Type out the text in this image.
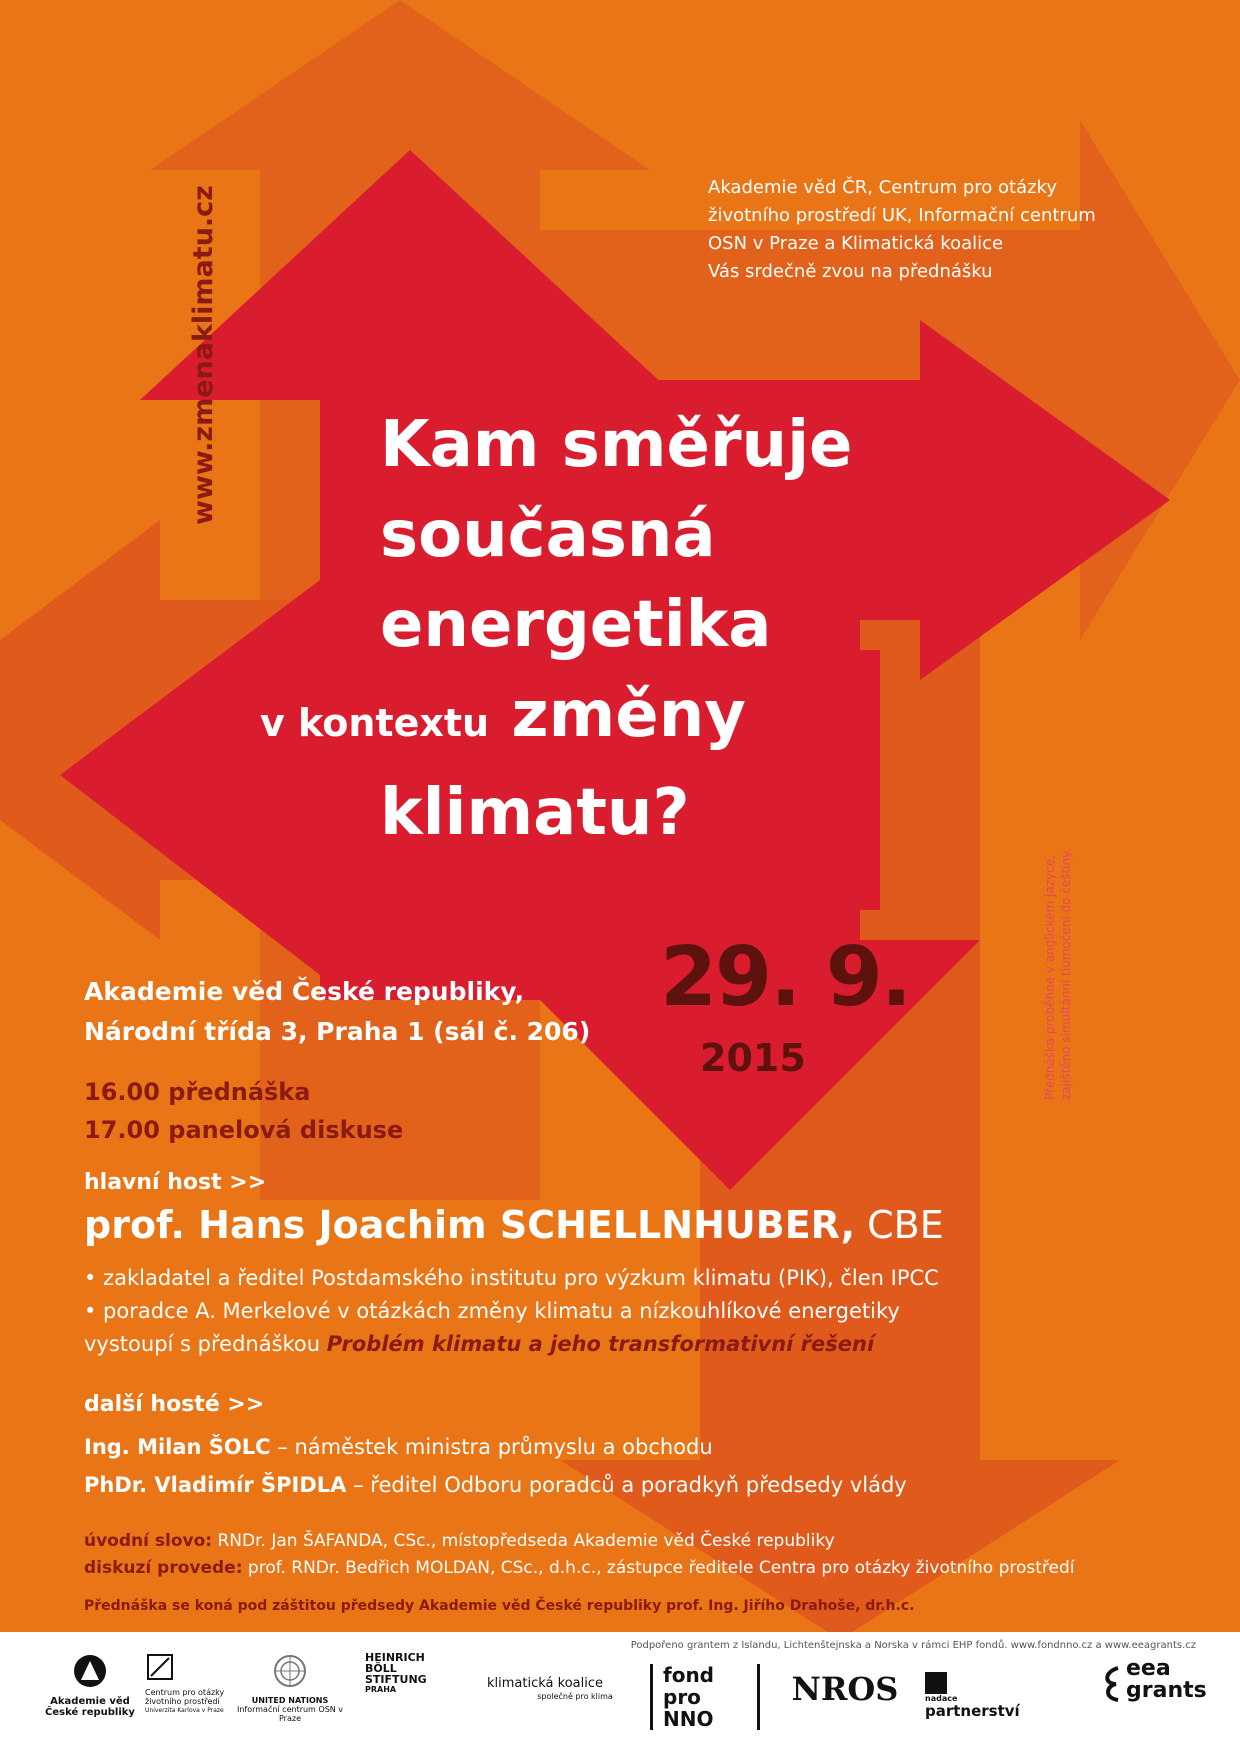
www.zmenaklimatu.cz	Akademie věd ČR, Centrum pro otázky
životního prostředí UK, Informační centrum
OSN v Praze a Klimatická koalice
Vás srdečně zvou na přednášku
Kam směřuje
současná
energetika
v kontextu změny
klimatu?
29. 9.
2015	Přednáška proběhne v anglickém jazyce, zajištěno simultánní tlumočení do češtiny.
Akademie věd České republiky,
Národní třída 3, Praha 1 (sál č. 206)
16.00 přednáška
17.00 panelová diskuse
hlavní host >>
prof. Hans Joachim SCHELLNHUBER, CBE
• zakladatel a ředitel Postdamského institutu pro výzkum klimatu (PIK), člen IPCC
• poradce A. Merkelové v otázkách změny klimatu a nízkouhlíkové energetiky
vystoupí s přednáškou Problém klimatu a jeho transformativní řešení
další hosté >>
Ing. Milan ŠOLC – náměstek ministra průmyslu a obchodu
PhDr. Vladimír ŠPIDLA – ředitel Odboru poradců a poradkyň předsedy vlády
úvodní slovo: RNDr. Jan ŠAFANDA, CSc., místopředseda Akademie věd České republiky
diskuzí provede: prof. RNDr. Bedřich MOLDAN, CSc., d.h.c., zástupce ředitele Centra pro otázky životního prostředí
Přednáška se koná pod záštitou předsedy Akademie věd České republiky prof. Ing. Jiřího Drahoše, dr.h.c.
Podpořeno grantem z Islandu, Lichtenštejnska a Norska v rámci EHP fondů. www.fondnno.cz a www.eeagrants.cz
Akademie věd
České republiky
Centrum pro otázky
životního prostředí
Univerzita Karlova v Praze
UNITED NATIONS
Informační centrum OSN v Praze
HEINRICH
BÖLL
STIFTUNG
PRAHA	klimatická koalice
společně pro klima
fond
pro NNO
NROS	nadace
partnerství
eea
grants
